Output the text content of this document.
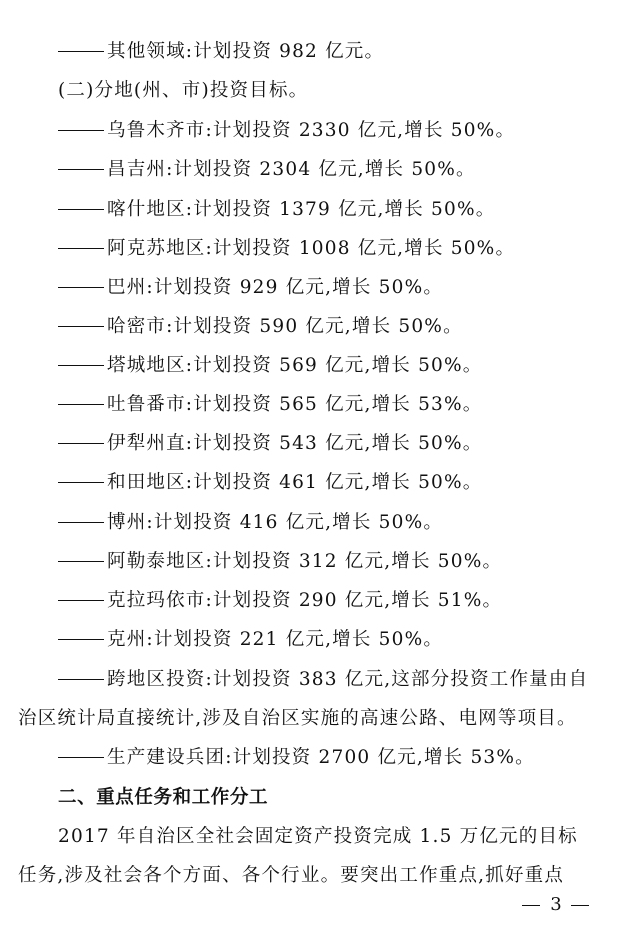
其他领域:计划投资 982 亿元。
(二)分地(州、市)投资目标。
乌鲁木齐市:计划投资 2330 亿元,增长 50%。
昌吉州:计划投资 2304 亿元,增长 50%。
喀什地区:计划投资 1379 亿元,增长 50%。
阿克苏地区:计划投资 1008 亿元,增长 50%。
巴州:计划投资 929 亿元,增长 50%。
哈密市:计划投资 590 亿元,增长 50%。
塔城地区:计划投资 569 亿元,增长 50%。
吐鲁番市:计划投资 565 亿元,增长 53%。
伊犁州直:计划投资 543 亿元,增长 50%。
和田地区:计划投资 461 亿元,增长 50%。
博州:计划投资 416 亿元,增长 50%。
阿勒泰地区:计划投资 312 亿元,增长 50%。
克拉玛依市:计划投资 290 亿元,增长 51%。
克州:计划投资 221 亿元,增长 50%。
跨地区投资:计划投资 383 亿元,这部分投资工作量由自
治区统计局直接统计,涉及自治区实施的高速公路、电网等项目。
生产建设兵团:计划投资 2700 亿元,增长 53%。
二、重点任务和工作分工
2017 年自治区全社会固定资产投资完成 1.5 万亿元的目标
任务,涉及社会各个方面、各个行业。要突出工作重点,抓好重点
3
